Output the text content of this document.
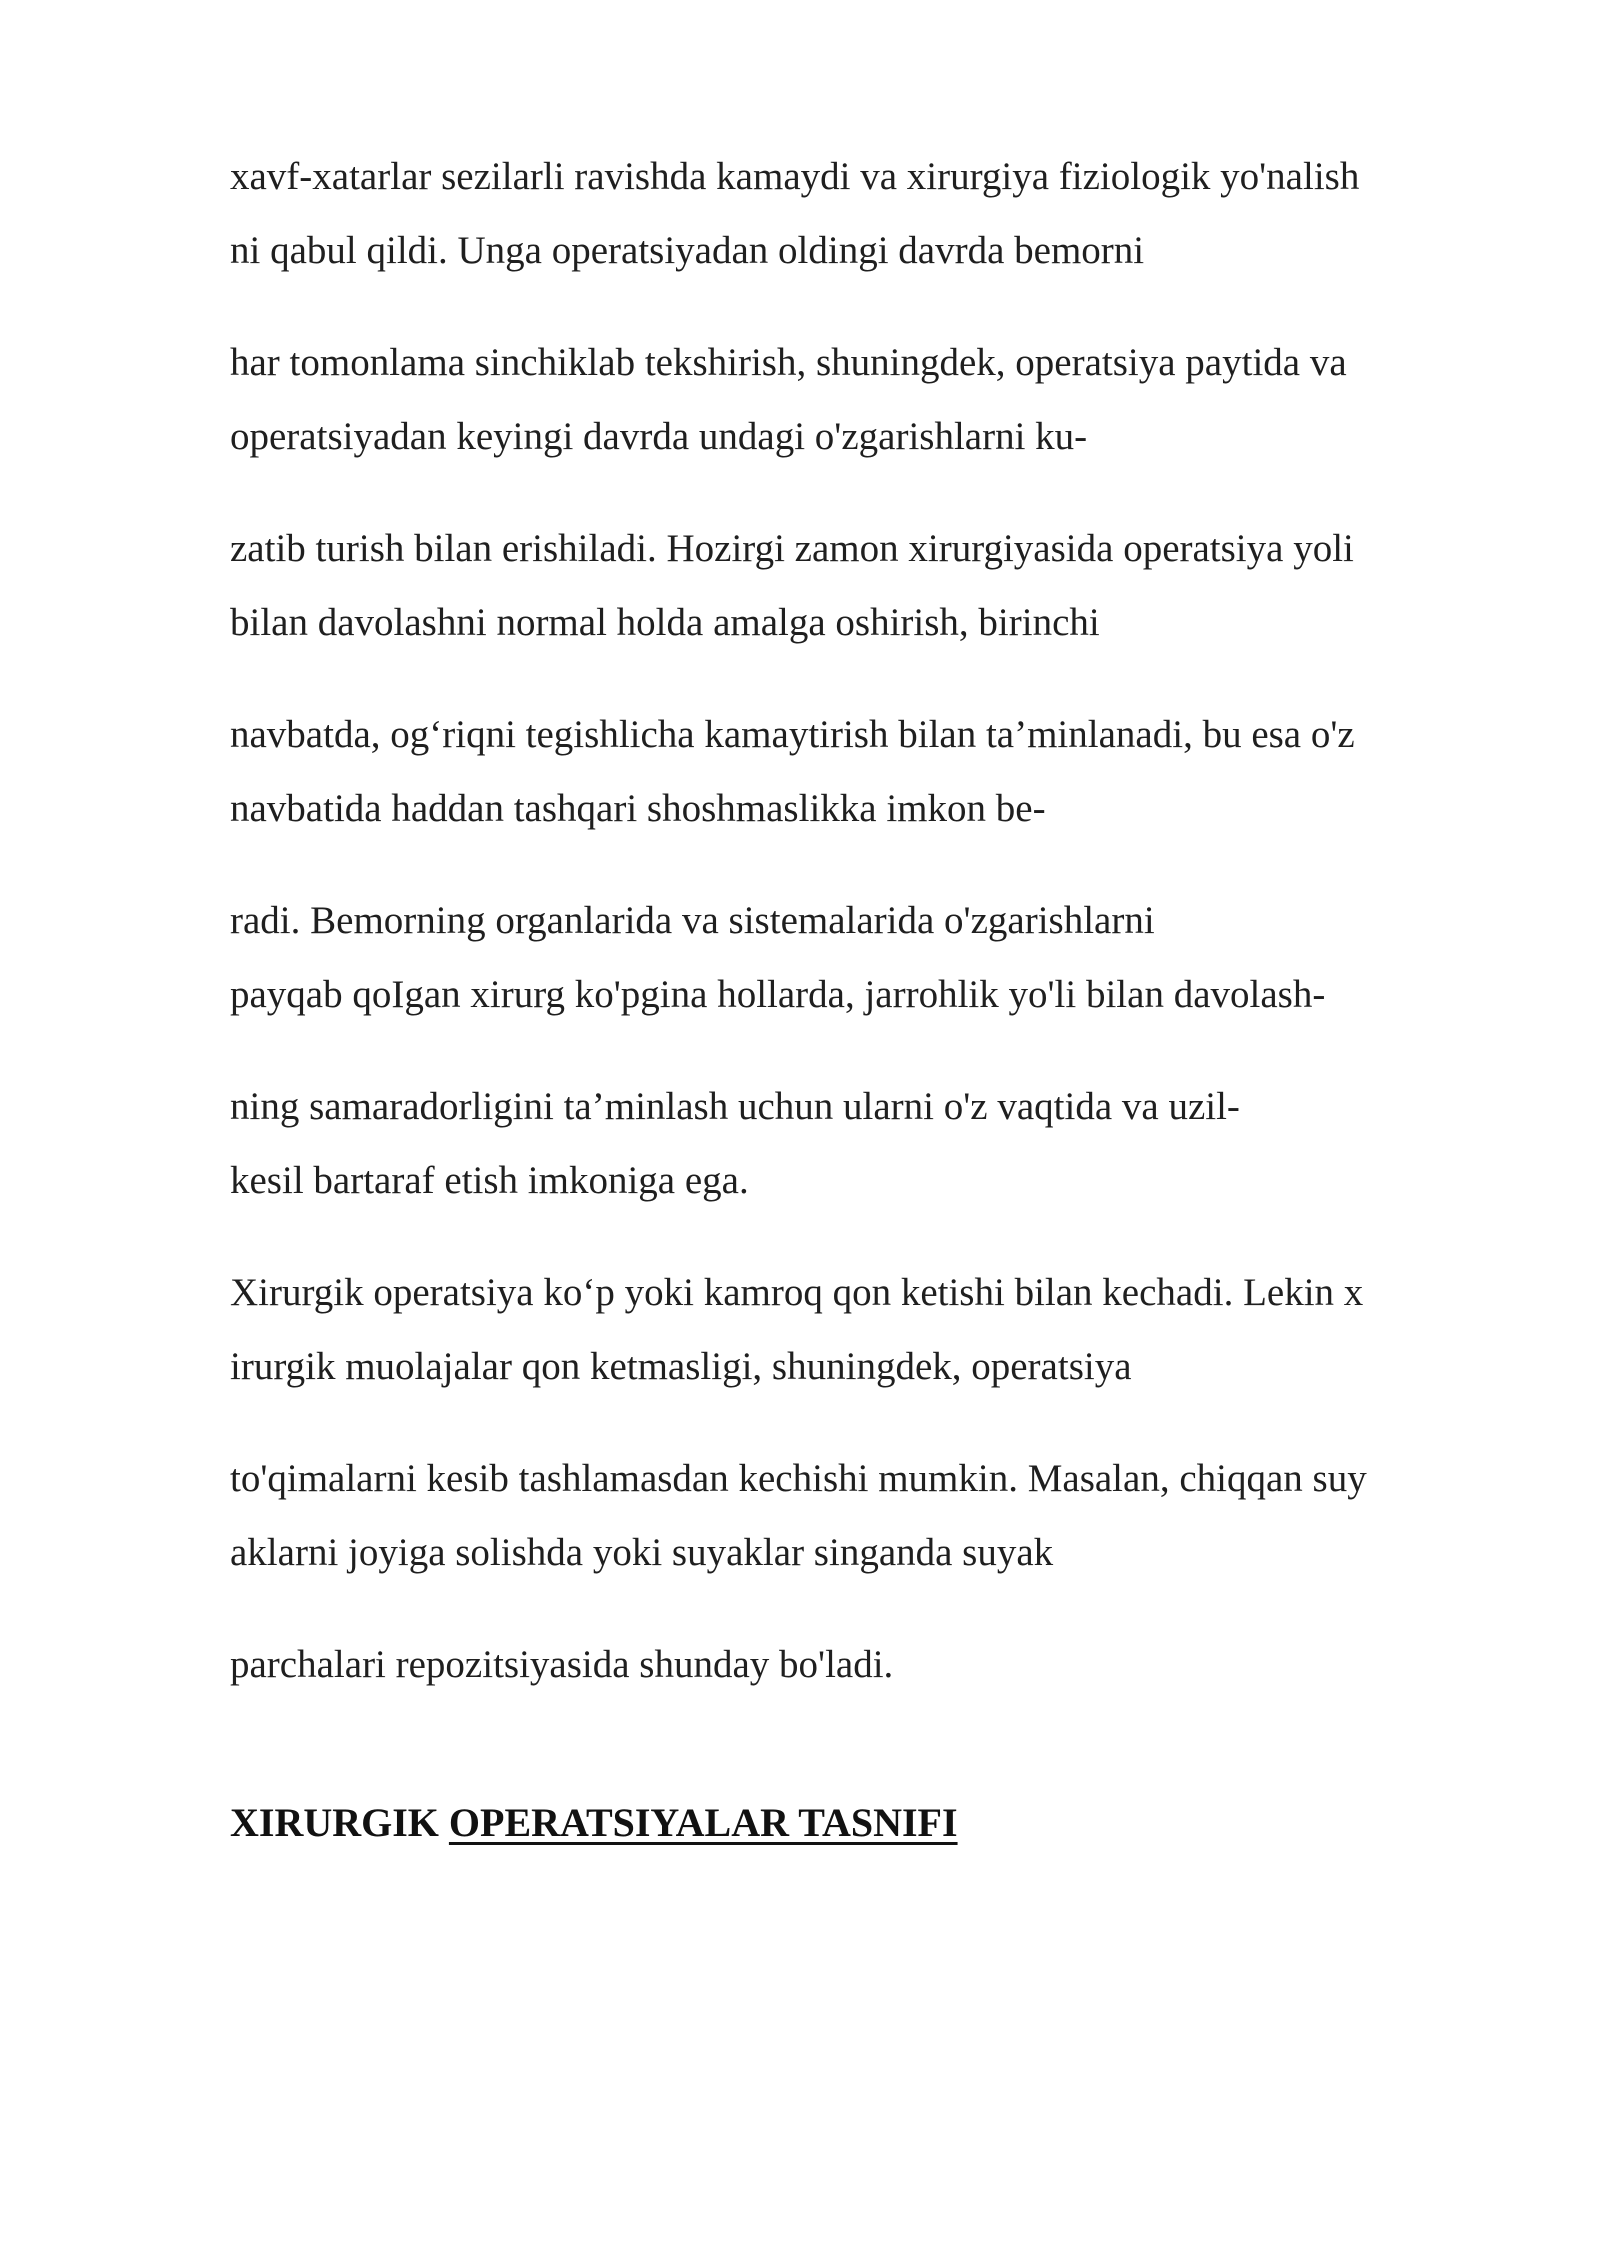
xavf-xatarlar sezilarli ravishda kamaydi va xirurgiya fiziologik yo'nalish
ni qabul qildi. Unga operatsiyadan oldingi davrda bemorni

har tomonlama sinchiklab tekshirish, shuningdek, operatsiya paytida va
operatsiyadan keyingi davrda undagi o'zgarishlarni ku-

zatib turish bilan erishiladi. Hozirgi zamon xirurgiyasida operatsiya yoli
bilan davolashni normal holda amalga oshirish, birinchi

navbatda, og‘riqni tegishlicha kamaytirish bilan ta’minlanadi, bu esa o'z
navbatida haddan tashqari shoshmaslikka imkon be-

radi. Bemorning organlarida va sistemalarida o'zgarishlarni
payqab qoIgan xirurg ko'pgina hollarda, jarrohlik yo'li bilan davolash-

ning samaradorligini ta’minlash uchun ularni o'z vaqtida va uzil-
kesil bartaraf etish imkoniga ega.

Xirurgik operatsiya ko‘p yoki kamroq qon ketishi bilan kechadi. Lekin x
irurgik muolajalar qon ketmasligi, shuningdek, operatsiya

to'qimalarni kesib tashlamasdan kechishi mumkin. Masalan, chiqqan suy
aklarni joyiga solishda yoki suyaklar singanda suyak

parchalari repozitsiyasida shunday bo'ladi.

XIRURGIK OPERATSIYALAR TASNIFI
